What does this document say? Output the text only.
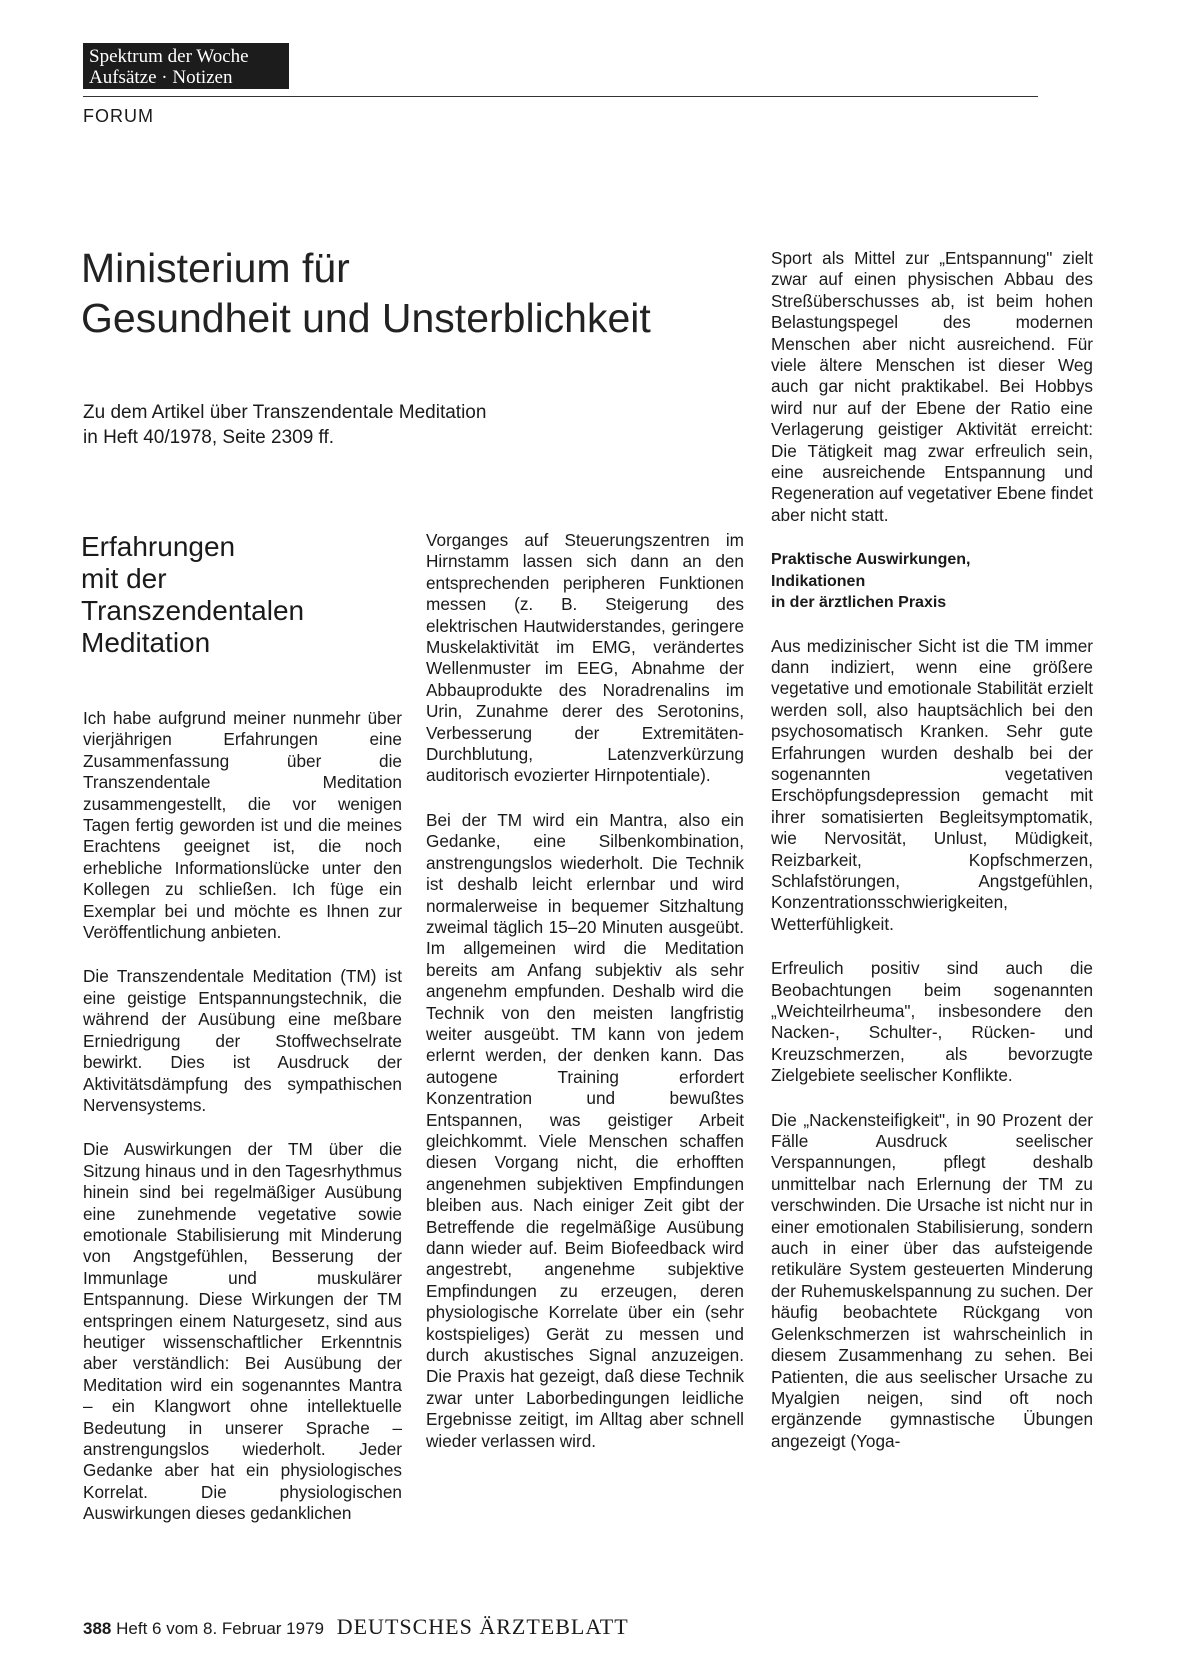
Spektrum der Woche
Aufsätze · Notizen
FORUM
Ministerium für
Gesundheit und Unsterblichkeit
Zu dem Artikel über Transzendentale Meditation
in Heft 40/1978, Seite 2309 ff.
Erfahrungen
mit der
Transzendentalen
Meditation

Ich habe aufgrund meiner nunmehr über vierjährigen Erfahrungen eine Zusammenfassung über die Transzendentale Meditation zusammengestellt, die vor wenigen Tagen fertig geworden ist und die meines Erachtens geeignet ist, die noch erhebliche Informationslücke unter den Kollegen zu schließen. Ich füge ein Exemplar bei und möchte es Ihnen zur Veröffentlichung anbieten.

Die Transzendentale Meditation (TM) ist eine geistige Entspannungstechnik, die während der Ausübung eine meßbare Erniedrigung der Stoffwechselrate bewirkt. Dies ist Ausdruck der Aktivitätsdämpfung des sympathischen Nervensystems.

Die Auswirkungen der TM über die Sitzung hinaus und in den Tagesrhythmus hinein sind bei regelmäßiger Ausübung eine zunehmende vegetative sowie emotionale Stabilisierung mit Minderung von Angstgefühlen, Besserung der Immunlage und muskulärer Entspannung. Diese Wirkungen der TM entspringen einem Naturgesetz, sind aus heutiger wissenschaftlicher Erkenntnis aber verständlich: Bei Ausübung der Meditation wird ein sogenanntes Mantra – ein Klangwort ohne intellektuelle Bedeutung in unserer Sprache – anstrengungslos wiederholt. Jeder Gedanke aber hat ein physiologisches Korrelat. Die physiologischen Auswirkungen dieses gedanklichen

Vorganges auf Steuerungszentren im Hirnstamm lassen sich dann an den entsprechenden peripheren Funktionen messen (z. B. Steigerung des elektrischen Hautwiderstandes, geringere Muskelaktivität im EMG, verändertes Wellenmuster im EEG, Abnahme der Abbauprodukte des Noradrenalins im Urin, Zunahme derer des Serotonins, Verbesserung der Extremitäten-Durchblutung, Latenzverkürzung auditorisch evozierter Hirnpotentiale).

Bei der TM wird ein Mantra, also ein Gedanke, eine Silbenkombination, anstrengungslos wiederholt. Die Technik ist deshalb leicht erlernbar und wird normalerweise in bequemer Sitzhaltung zweimal täglich 15–20 Minuten ausgeübt. Im allgemeinen wird die Meditation bereits am Anfang subjektiv als sehr angenehm empfunden. Deshalb wird die Technik von den meisten langfristig weiter ausgeübt. TM kann von jedem erlernt werden, der denken kann. Das autogene Training erfordert Konzentration und bewußtes Entspannen, was geistiger Arbeit gleichkommt. Viele Menschen schaffen diesen Vorgang nicht, die erhofften angenehmen subjektiven Empfindungen bleiben aus. Nach einiger Zeit gibt der Betreffende die regelmäßige Ausübung dann wieder auf. Beim Biofeedback wird angestrebt, angenehme subjektive Empfindungen zu erzeugen, deren physiologische Korrelate über ein (sehr kostspieliges) Gerät zu messen und durch akustisches Signal anzuzeigen. Die Praxis hat gezeigt, daß diese Technik zwar unter Laborbedingungen leidliche Ergebnisse zeitigt, im Alltag aber schnell wieder verlassen wird.

Sport als Mittel zur „Entspannung" zielt zwar auf einen physischen Abbau des Streßüberschusses ab, ist beim hohen Belastungspegel des modernen Menschen aber nicht ausreichend. Für viele ältere Menschen ist dieser Weg auch gar nicht praktikabel. Bei Hobbys wird nur auf der Ebene der Ratio eine Verlagerung geistiger Aktivität erreicht: Die Tätigkeit mag zwar erfreulich sein, eine ausreichende Entspannung und Regeneration auf vegetativer Ebene findet aber nicht statt.

Praktische Auswirkungen,
Indikationen
in der ärztlichen Praxis

Aus medizinischer Sicht ist die TM immer dann indiziert, wenn eine größere vegetative und emotionale Stabilität erzielt werden soll, also hauptsächlich bei den psychosomatisch Kranken. Sehr gute Erfahrungen wurden deshalb bei der sogenannten vegetativen Erschöpfungsdepression gemacht mit ihrer somatisierten Begleitsymptomatik, wie Nervosität, Unlust, Müdigkeit, Reizbarkeit, Kopfschmerzen, Schlafstörungen, Angstgefühlen, Konzentrationsschwierigkeiten, Wetterfühligkeit.

Erfreulich positiv sind auch die Beobachtungen beim sogenannten „Weichteilrheuma", insbesondere den Nacken-, Schulter-, Rücken- und Kreuzschmerzen, als bevorzugte Zielgebiete seelischer Konflikte.

Die „Nackensteifigkeit", in 90 Prozent der Fälle Ausdruck seelischer Verspannungen, pflegt deshalb unmittelbar nach Erlernung der TM zu verschwinden. Die Ursache ist nicht nur in einer emotionalen Stabilisierung, sondern auch in einer über das aufsteigende retikuläre System gesteuerten Minderung der Ruhemuskelspannung zu suchen. Der häufig beobachtete Rückgang von Gelenkschmerzen ist wahrscheinlich in diesem Zusammenhang zu sehen. Bei Patienten, die aus seelischer Ursache zu Myalgien neigen, sind oft noch ergänzende gymnastische Übungen angezeigt (Yoga-

388 Heft 6 vom 8. Februar 1979 DEUTSCHES ÄRZTEBLATT
